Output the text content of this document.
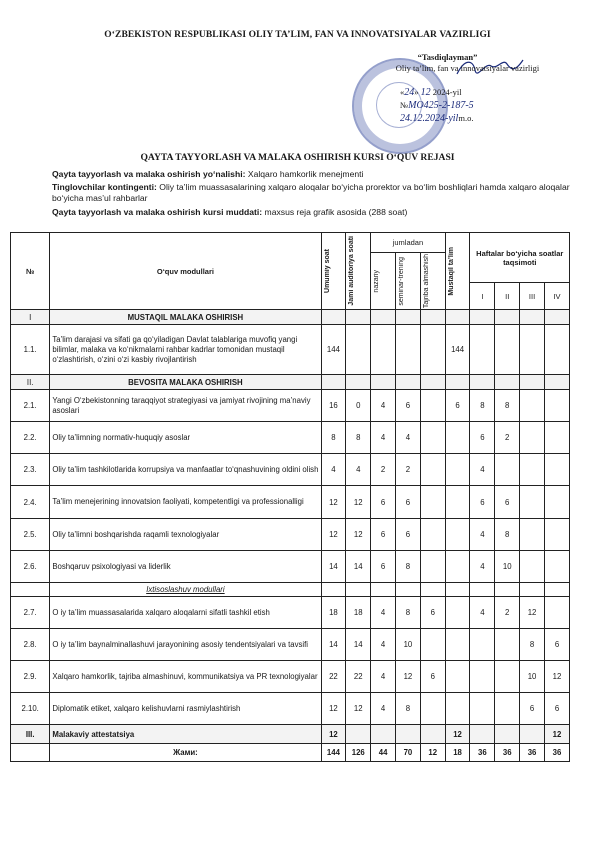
O‘ZBEKISTON RESPUBLIKASI OLIY TA’LIM, FAN VA INNOVATSIYALAR VAZIRLIGI
“Tasdiqlayman”
Oliy ta’lim, fan va innovatsiyalar vazirligi
«24» 12 2024-yil
№MO425-2-187-5
24.12.2024-yilm.o.
QAYTA TAYYORLASH VA MALAKA OSHIRISH KURSI O‘QUV REJASI
Qayta tayyorlash va malaka oshirish yo‘nalishi: Xalqaro hamkorlik menejmenti
Tinglovchilar kontingenti: Oliy ta’lim muassasalarining xalqaro aloqalar bo‘yicha prorektor va bo‘lim boshliqlari hamda xalqaro aloqalar bo‘yicha mas’ul rahbarlar
Qayta tayyorlash va malaka oshirish kursi muddati: maxsus reja grafik asosida (288 soat)
№	O‘quv modullari	Umumiy soat	Jami auditoriya soati	jumladan			Mustaqil ta’lim	Haftalar bo‘yicha soatlar taqsimoti			

				nazariy	seminar-trening	Tajriba almashish					

								I	II	III	IV
I	MUSTAQIL MALAKA OSHIRISH										
1.1.	Ta’lim darajasi va sifati ga qo‘yiladigan Davlat talablariga muvofiq yangi bilimlar, malaka va ko‘nikmalarni rahbar kadrlar tomonidan mustaqil o‘zlashtirish, o‘zini o‘zi kasbiy rivojlantirish	144					144				
II.	BEVOSITA MALAKA OSHIRISH										
2.1.	Yangi O‘zbekistonning taraqqiyot strategiyasi va jamiyat rivojining ma’naviy asoslari	16	0	4	6		6	8	8		
2.2.	Oliy ta’limning normativ-huquqiy asoslar	8	8	4	4			6	2		
2.3.	Oliy ta’lim tashkilotlarida korrupsiya va manfaatlar to‘qnashuvining oldini olish	4	4	2	2			4			
2.4.	Ta’lim menejerining innovatsion faoliyati, kompetentligi va professionalligi	12	12	6	6			6	6		
2.5.	Oliy ta’limni boshqarishda raqamli texnologiyalar	12	12	6	6			4	8		
2.6.	Boshqaruv psixologiyasi va liderlik	14	14	6	8			4	10		
	Ixtisoslashuv modullari										
2.7.	O iy ta’lim muassasalarida xalqaro aloqalarni sifatli tashkil etish	18	18	4	8	6		4	2	12	
2.8.	O iy ta’lim baynalminallashuvi jarayonining asosiy tendentsiyalari va tavsifi	14	14	4	10					8	6
2.9.	Xalqaro hamkorlik, tajriba almashinuvi, kommunikatsiya va PR texnologiyalar	22	22	4	12	6				10	12
2.10.	Diplomatik etiket, xalqaro kelishuvlarni rasmiylashtirish	12	12	4	8					6	6
III.	Malakaviy attestatsiya	12					12				12
	Жами:	144	126	44	70	12	18	36	36	36	36
